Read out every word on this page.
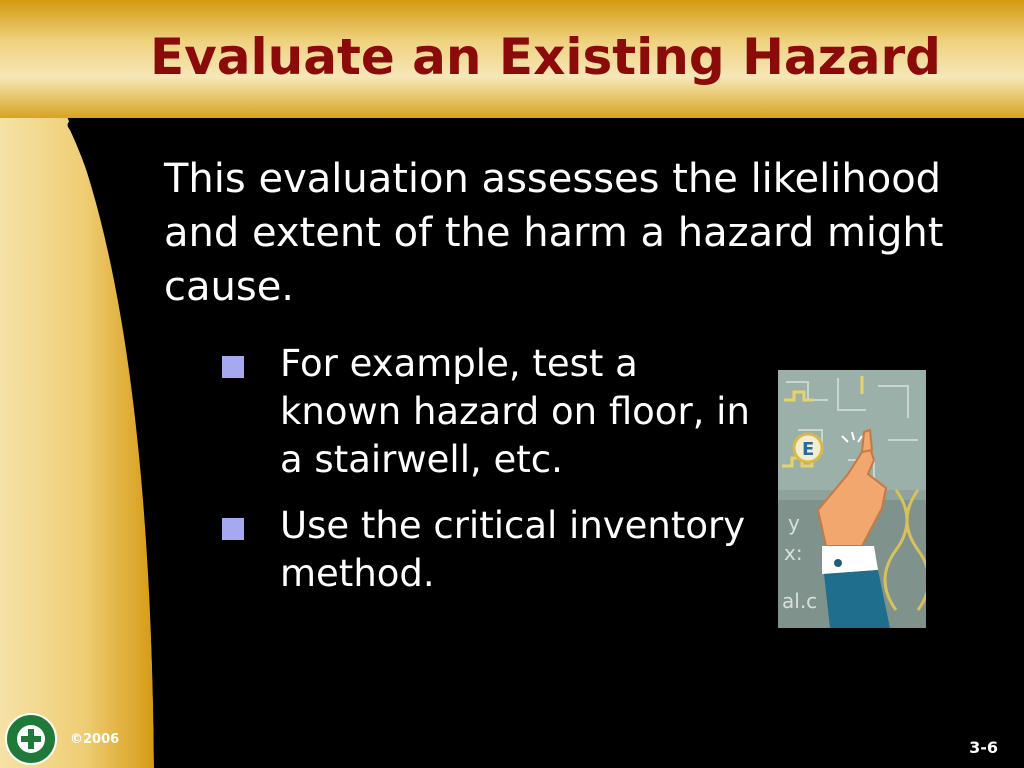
Evaluate an Existing Hazard
This evaluation assesses the likelihood and extent of the harm a hazard might cause.
For example, test a known hazard on floor, in a stairwell, etc.
Use the critical inventory method.
E
y
x:
al.c
©2006	3-6
